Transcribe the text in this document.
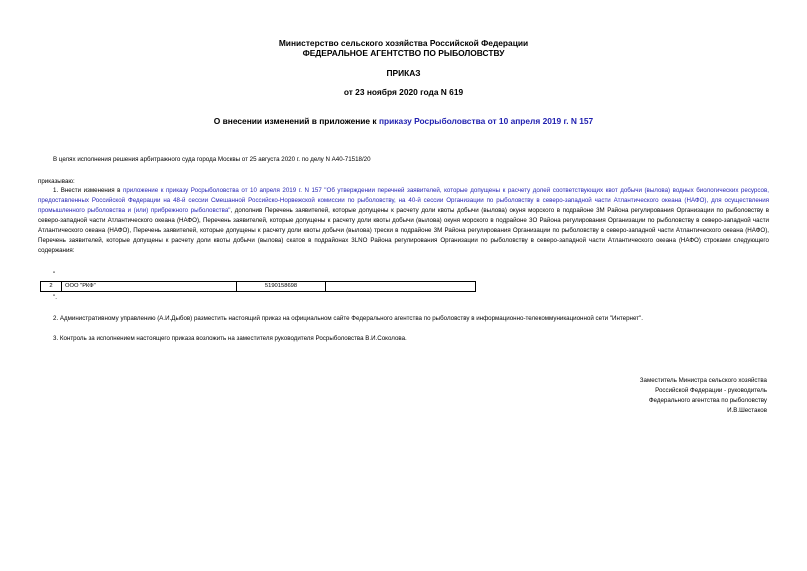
Министерство сельского хозяйства Российской Федерации
ФЕДЕРАЛЬНОЕ АГЕНТСТВО ПО РЫБОЛОВСТВУ
ПРИКАЗ
от 23 ноября 2020 года N 619
О внесении изменений в приложение к приказу Росрыболовства от 10 апреля 2019 г. N 157
В целях исполнения решения арбитражного суда города Москвы от 25 августа 2020 г. по делу N А40-71518/20
приказываю:
1. Внести изменения в приложение к приказу Росрыболовства от 10 апреля 2019 г. N 157 "Об утверждении перечней заявителей, которые допущены к расчету долей соответствующих квот добычи (вылова) водных биологических ресурсов, предоставленных Российской Федерации на 48-й сессии Смешанной Российско-Норвежской комиссии по рыболовству, на 40-й сессии Организации по рыболовству в северо-западной части Атлантического океана (НАФО), для осуществления промышленного рыболовства и (или) прибрежного рыболовства", дополнив Перечень заявителей, которые допущены к расчету доли квоты добычи (вылова) окуня морского в подрайоне 3М Района регулирования Организации по рыболовству в северо-западной части Атлантического океана (НАФО), Перечень заявителей, которые допущены к расчету доли квоты добычи (вылова) окуня морского в подрайоне 3О Района регулирования Организации по рыболовству в северо-западной части Атлантического океана (НАФО), Перечень заявителей, которые допущены к расчету доли квоты добычи (вылова) трески в подрайоне 3М Района регулирования Организации по рыболовству в северо-западной части Атлантического океана (НАФО), Перечень заявителей, которые допущены к расчету доли квоты добычи (вылова) скатов в подрайонах 3LNO Района регулирования Организации по рыболовству в северо-западной части Атлантического океана (НАФО) строками следующего содержания:
"
2	ООО "РКФ"	5190158698	
".
2. Административному управлению (А.И.Дыбов) разместить настоящий приказ на официальном сайте Федерального агентства по рыболовству в информационно-телекоммуникационной сети "Интернет".
3. Контроль за исполнением настоящего приказа возложить на заместителя руководителя Росрыболовства В.И.Соколова.
Заместитель Министра сельского хозяйства
Российской Федерации - руководитель
Федерального агентства по рыболовству
И.В.Шестаков
